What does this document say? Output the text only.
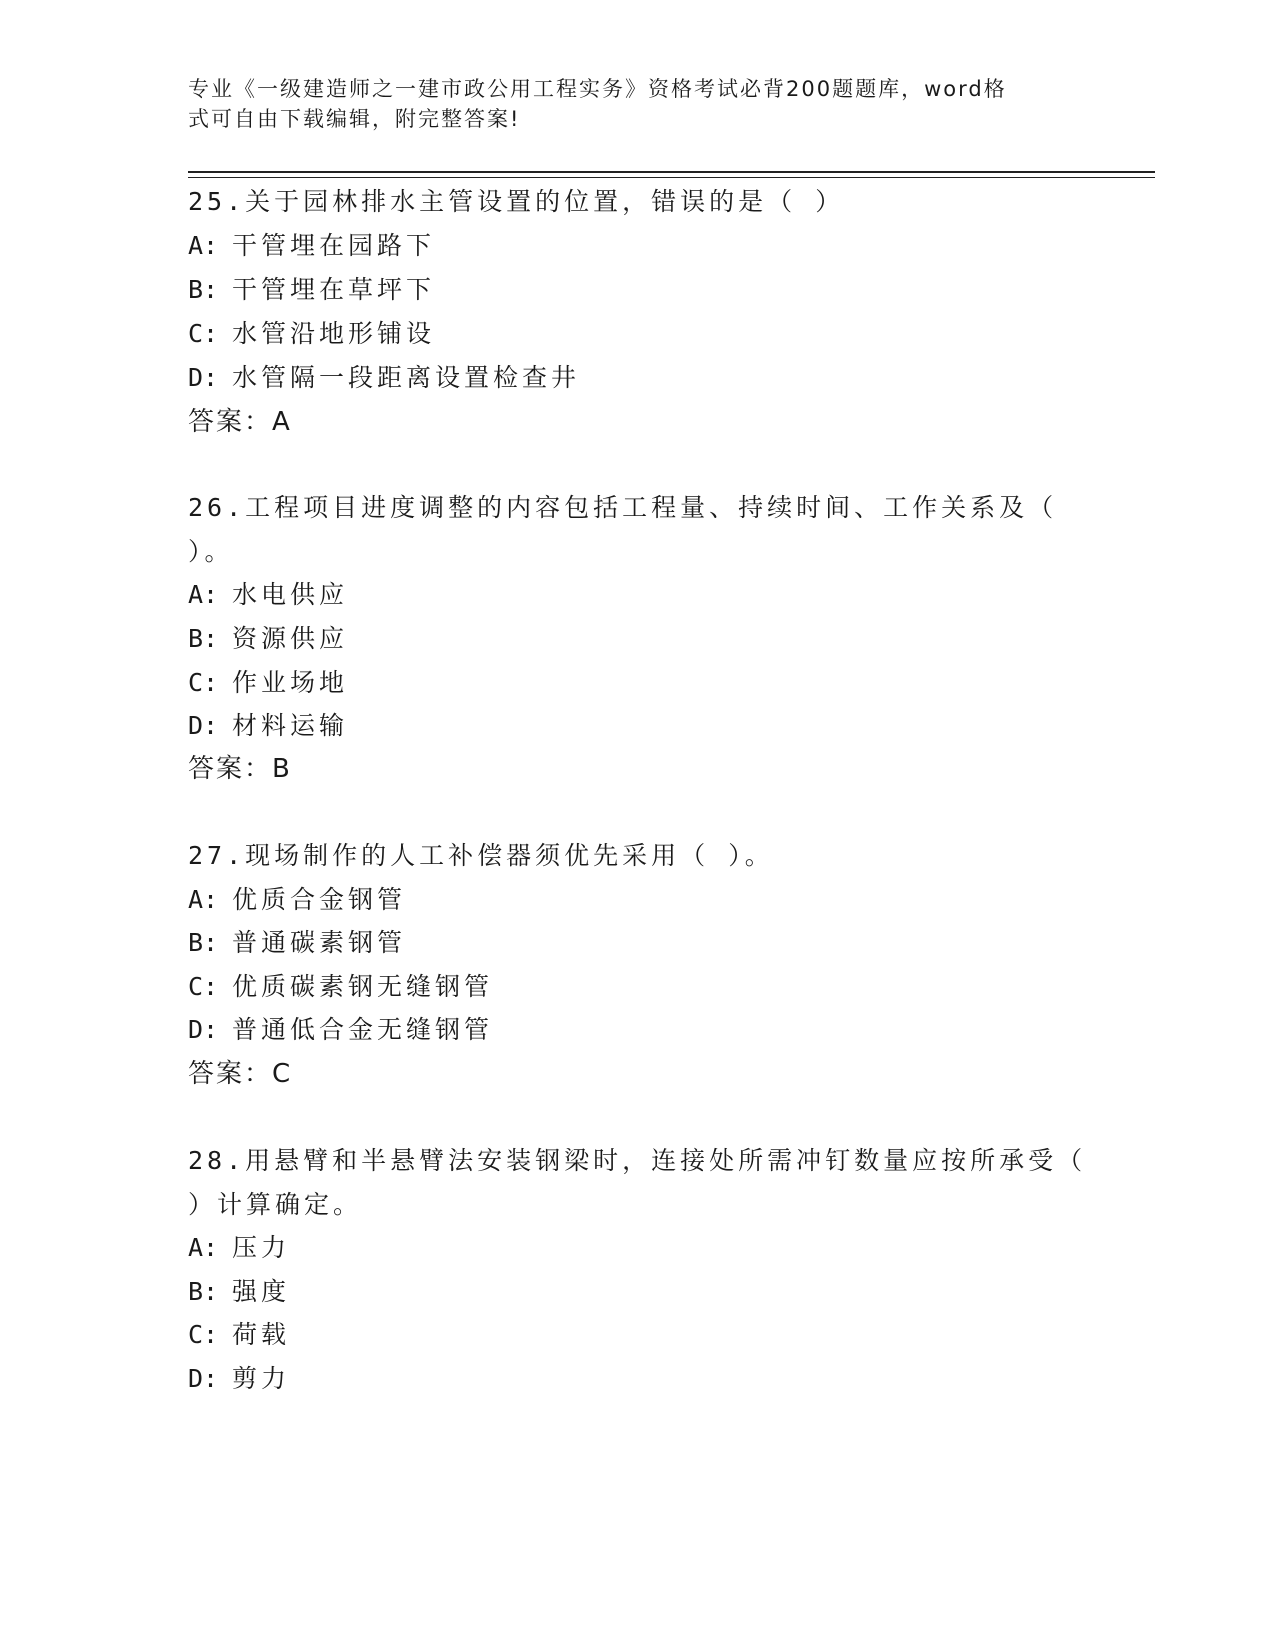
专业《一级建造师之一建市政公用工程实务》资格考试必背200题题库，word格
式可自由下载编辑，附完整答案!
25.关于园林排水主管设置的位置，错误的是（ ）
A: 干管埋在园路下
B: 干管埋在草坪下
C: 水管沿地形铺设
D: 水管隔一段距离设置检查井
答案：A
26.工程项目进度调整的内容包括工程量、持续时间、工作关系及（
）。
A: 水电供应
B: 资源供应
C: 作业场地
D: 材料运输
答案：B
27.现场制作的人工补偿器须优先采用（ ）。
A: 优质合金钢管
B: 普通碳素钢管
C: 优质碳素钢无缝钢管
D: 普通低合金无缝钢管
答案：C
28.用悬臂和半悬臂法安装钢梁时，连接处所需冲钉数量应按所承受（
）计算确定。
A: 压力
B: 强度
C: 荷载
D: 剪力
